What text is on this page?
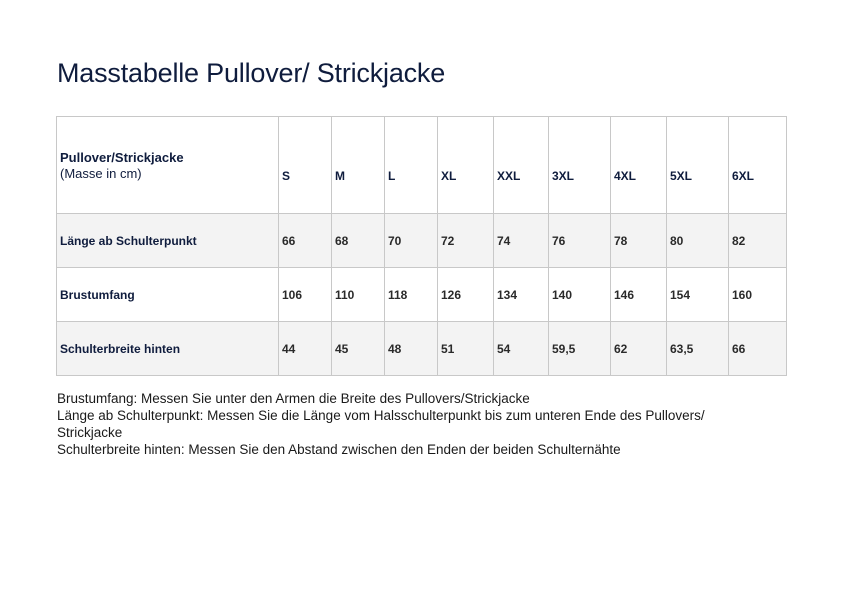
Masstabelle Pullover/ Strickjacke
Pullover/Strickjacke
(Masse in cm)	S	M	L	XL	XXL	3XL	4XL	5XL	6XL
Länge ab Schulterpunkt	66	68	70	72	74	76	78	80	82
Brustumfang	106	110	118	126	134	140	146	154	160
Schulterbreite hinten	44	45	48	51	54	59,5	62	63,5	66

Brustumfang: Messen Sie unter den Armen die Breite des Pullovers/Strickjacke

Länge ab Schulterpunkt: Messen Sie die Länge vom Halsschulterpunkt bis zum unteren Ende des Pullovers/ Strickjacke

Schulterbreite hinten: Messen Sie den Abstand zwischen den Enden der beiden Schulternähte
